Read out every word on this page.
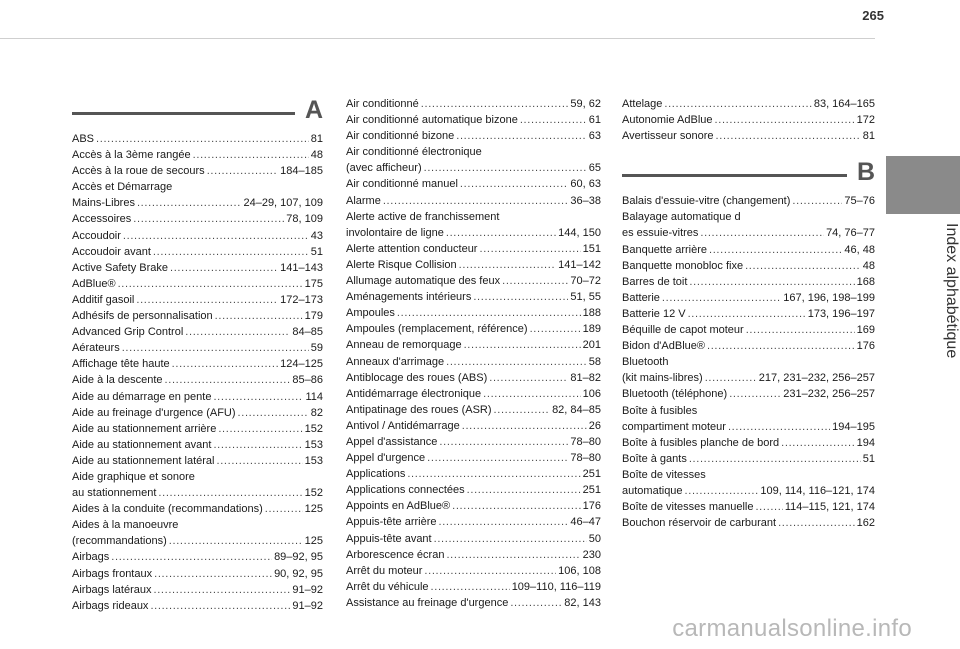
265
Index alphabétique
A
ABS . . .	81
Accès à la 3ème rangée . . .	48
Accès à la roue de secours . . .	184–185
Accès et Démarrage
Mains-Libres . . .	24–29, 107, 109
Accessoires . . .	78, 109
Accoudoir . . .	43
Accoudoir avant . . .	51
Active Safety Brake . . .	141–143
AdBlue® . . .	175
Additif gasoil . . .	172–173
Adhésifs de personnalisation . . .	179
Advanced Grip Control . . .	84–85
Aérateurs . . .	59
Affichage tête haute . . .	124–125
Aide à la descente . . .	85–86
Aide au démarrage en pente . . .	114
Aide au freinage d'urgence (AFU) . . .	82
Aide au stationnement arrière . . .	152
Aide au stationnement avant . . .	153
Aide au stationnement latéral . . .	153
Aide graphique et sonore
au stationnement . . .	152
Aides à la conduite (recommandations) . . .	125
Aides à la manoeuvre
(recommandations) . . .	125
Airbags . . .	89–92, 95
Airbags frontaux . . .	90, 92, 95
Airbags latéraux . . .	91–92
Airbags rideaux . . .	91–92
Air conditionné . . .	59, 62
Air conditionné automatique bizone . . .	61
Air conditionné bizone . . .	63
Air conditionné électronique
(avec afficheur) . . .	65
Air conditionné manuel . . .	60, 63
Alarme . . .	36–38
Alerte active de franchissement
involontaire de ligne . . .	144, 150
Alerte attention conducteur . . .	151
Alerte Risque Collision . . .	141–142
Allumage automatique des feux . . .	70–72
Aménagements intérieurs . . .	51, 55
Ampoules . . .	188
Ampoules (remplacement, référence) . . .	189
Anneau de remorquage . . .	201
Anneaux d'arrimage . . .	58
Antiblocage des roues (ABS) . . .	81–82
Antidémarrage électronique . . .	106
Antipatinage des roues (ASR) . . .	82, 84–85
Antivol / Antidémarrage . . .	26
Appel d'assistance . . .	78–80
Appel d'urgence . . .	78–80
Applications . . .	251
Applications connectées . . .	251
Appoints en AdBlue® . . .	176
Appuis-tête arrière . . .	46–47
Appuis-tête avant . . .	50
Arborescence écran . . .	230
Arrêt du moteur . . .	106, 108
Arrêt du véhicule . . .	109–110, 116–119
Assistance au freinage d'urgence . . .	82, 143
Attelage . . .	83, 164–165
Autonomie AdBlue . . .	172
Avertisseur sonore . . .	81
B
Balais d'essuie-vitre (changement) . . .	75–76
Balayage automatique d
es essuie-vitres . . .	74, 76–77
Banquette arrière . . .	46, 48
Banquette monobloc fixe . . .	48
Barres de toit . . .	168
Batterie . . .	167, 196, 198–199
Batterie 12 V . . .	173, 196–197
Béquille de capot moteur . . .	169
Bidon d'AdBlue® . . .	176
Bluetooth
(kit mains-libres) . . .	217, 231–232, 256–257
Bluetooth (téléphone) . . .	231–232, 256–257
Boîte à fusibles
compartiment moteur . . .	194–195
Boîte à fusibles planche de bord . . .	194
Boîte à gants . . .	51
Boîte de vitesses
automatique . . .	109, 114, 116–121, 174
Boîte de vitesses manuelle . . .	114–115, 121, 174
Bouchon réservoir de carburant . . .	162
carmanualsonline.info
